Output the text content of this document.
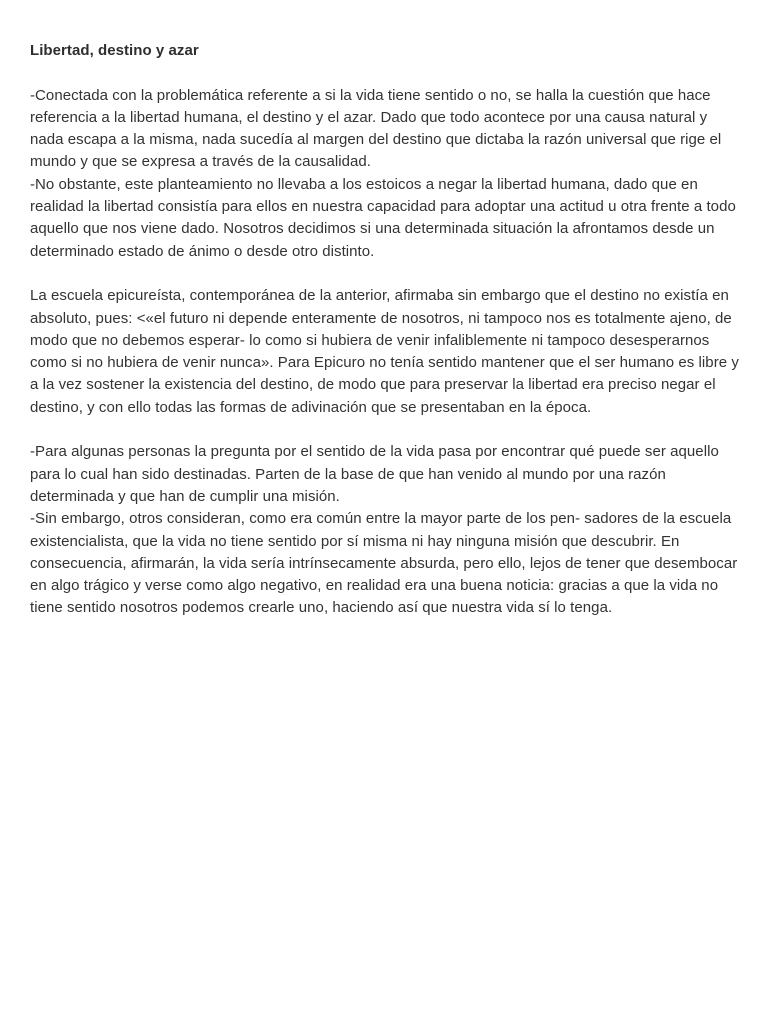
Libertad, destino y azar

-Conectada con la problemática referente a si la vida tiene sentido o no, se halla la cuestión que hace referencia a la libertad humana, el destino y el azar. Dado que todo acontece por una causa natural y nada escapa a la misma, nada sucedía al margen del destino que dictaba la razón universal que rige el mundo y que se expresa a través de la causalidad.

-No obstante, este planteamiento no llevaba a los estoicos a negar la libertad humana, dado que en realidad la libertad consistía para ellos en nuestra capacidad para adoptar una actitud u otra frente a todo aquello que nos viene dado. Nosotros decidimos si una determinada situación la afrontamos desde un determinado estado de ánimo o desde otro distinto.

La escuela epicureísta, contemporánea de la anterior, afirmaba sin embargo que el destino no existía en absoluto, pues: <«el futuro ni depende enteramente de nosotros, ni tampoco nos es totalmente ajeno, de modo que no debemos esperar- lo como si hubiera de venir infaliblemente ni tampoco desesperarnos como si no hubiera de venir nunca». Para Epicuro no tenía sentido mantener que el ser humano es libre y a la vez sostener la existencia del destino, de modo que para preservar la libertad era preciso negar el destino, y con ello todas las formas de adivinación que se presentaban en la época.

-Para algunas personas la pregunta por el sentido de la vida pasa por encontrar qué puede ser aquello para lo cual han sido destinadas. Parten de la base de que han venido al mundo por una razón determinada y que han de cumplir una misión.

-Sin embargo, otros consideran, como era común entre la mayor parte de los pen- sadores de la escuela existencialista, que la vida no tiene sentido por sí misma ni hay ninguna misión que descubrir. En consecuencia, afirmarán, la vida sería intrínsecamente absurda, pero ello, lejos de tener que desembocar en algo trágico y verse como algo negativo, en realidad era una buena noticia: gracias a que la vida no tiene sentido nosotros podemos crearle uno, haciendo así que nuestra vida sí lo tenga.
